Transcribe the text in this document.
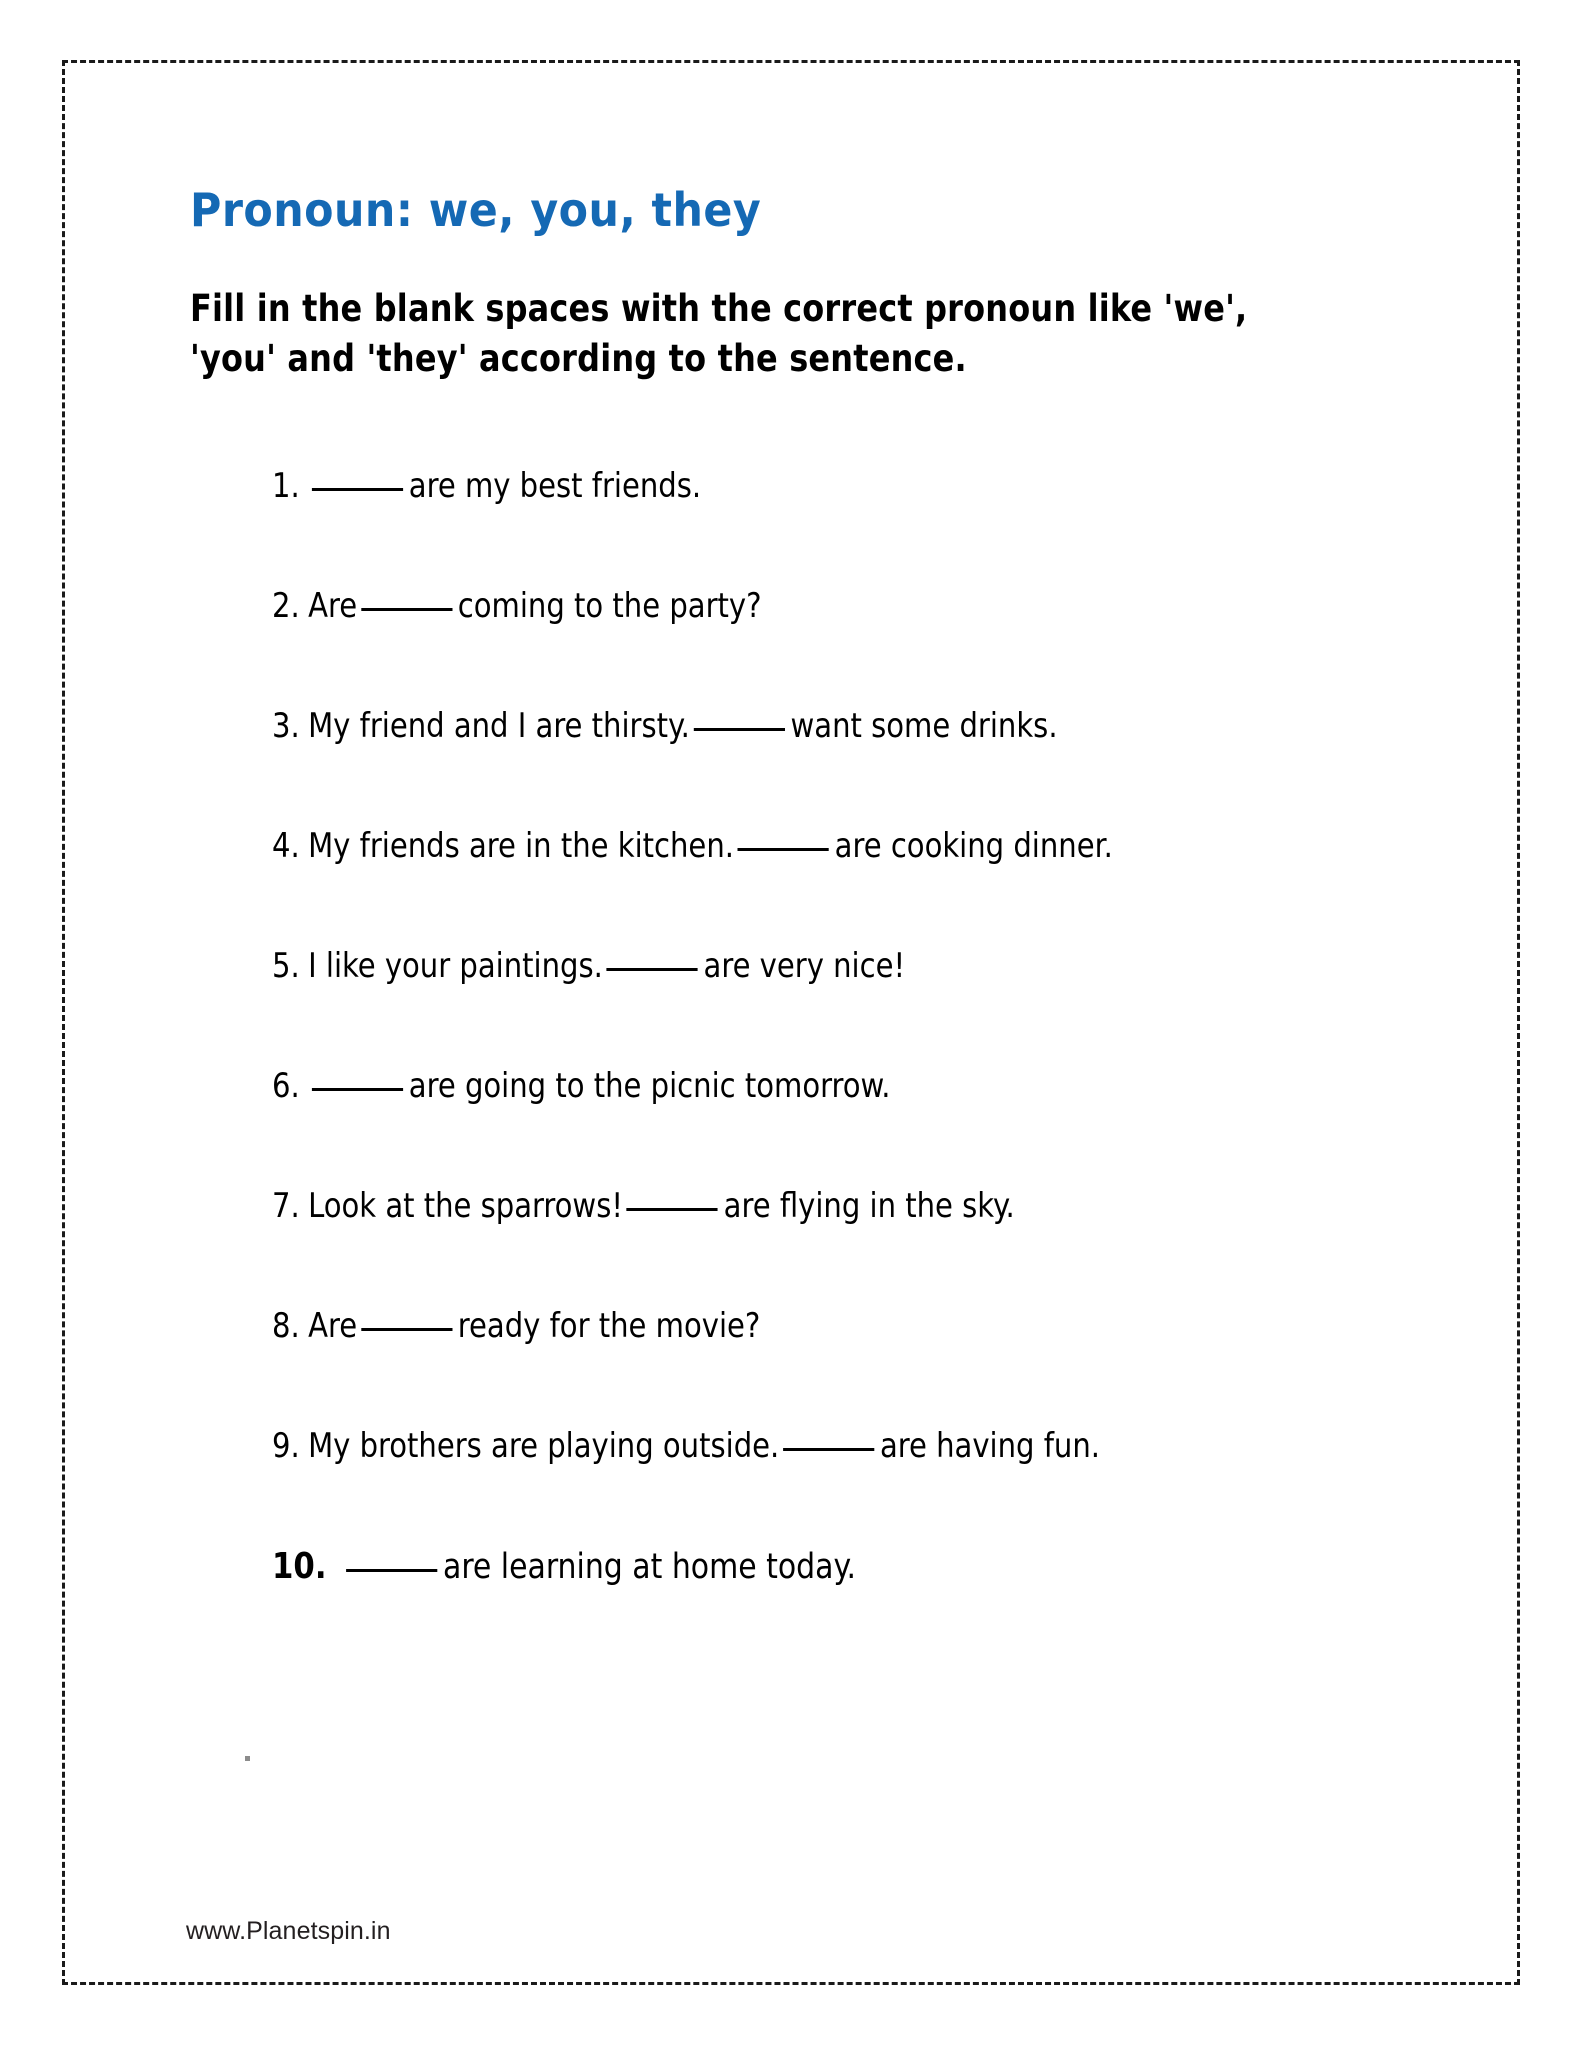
Pronoun: we, you, they
Fill in the blank spaces with the correct pronoun like 'we', 'you' and 'they' according to the sentence.
1.	are my best friends.
2. Are	coming to the party?
3. My friend and I are thirsty.	want some drinks.
4. My friends are in the kitchen.	are cooking dinner.
5. I like your paintings.	are very nice!
6.	are going to the picnic tomorrow.
7. Look at the sparrows!	are flying in the sky.
8. Are	ready for the movie?
9. My brothers are playing outside.	are having fun.
10.	are learning at home today.
www.Planetspin.in
